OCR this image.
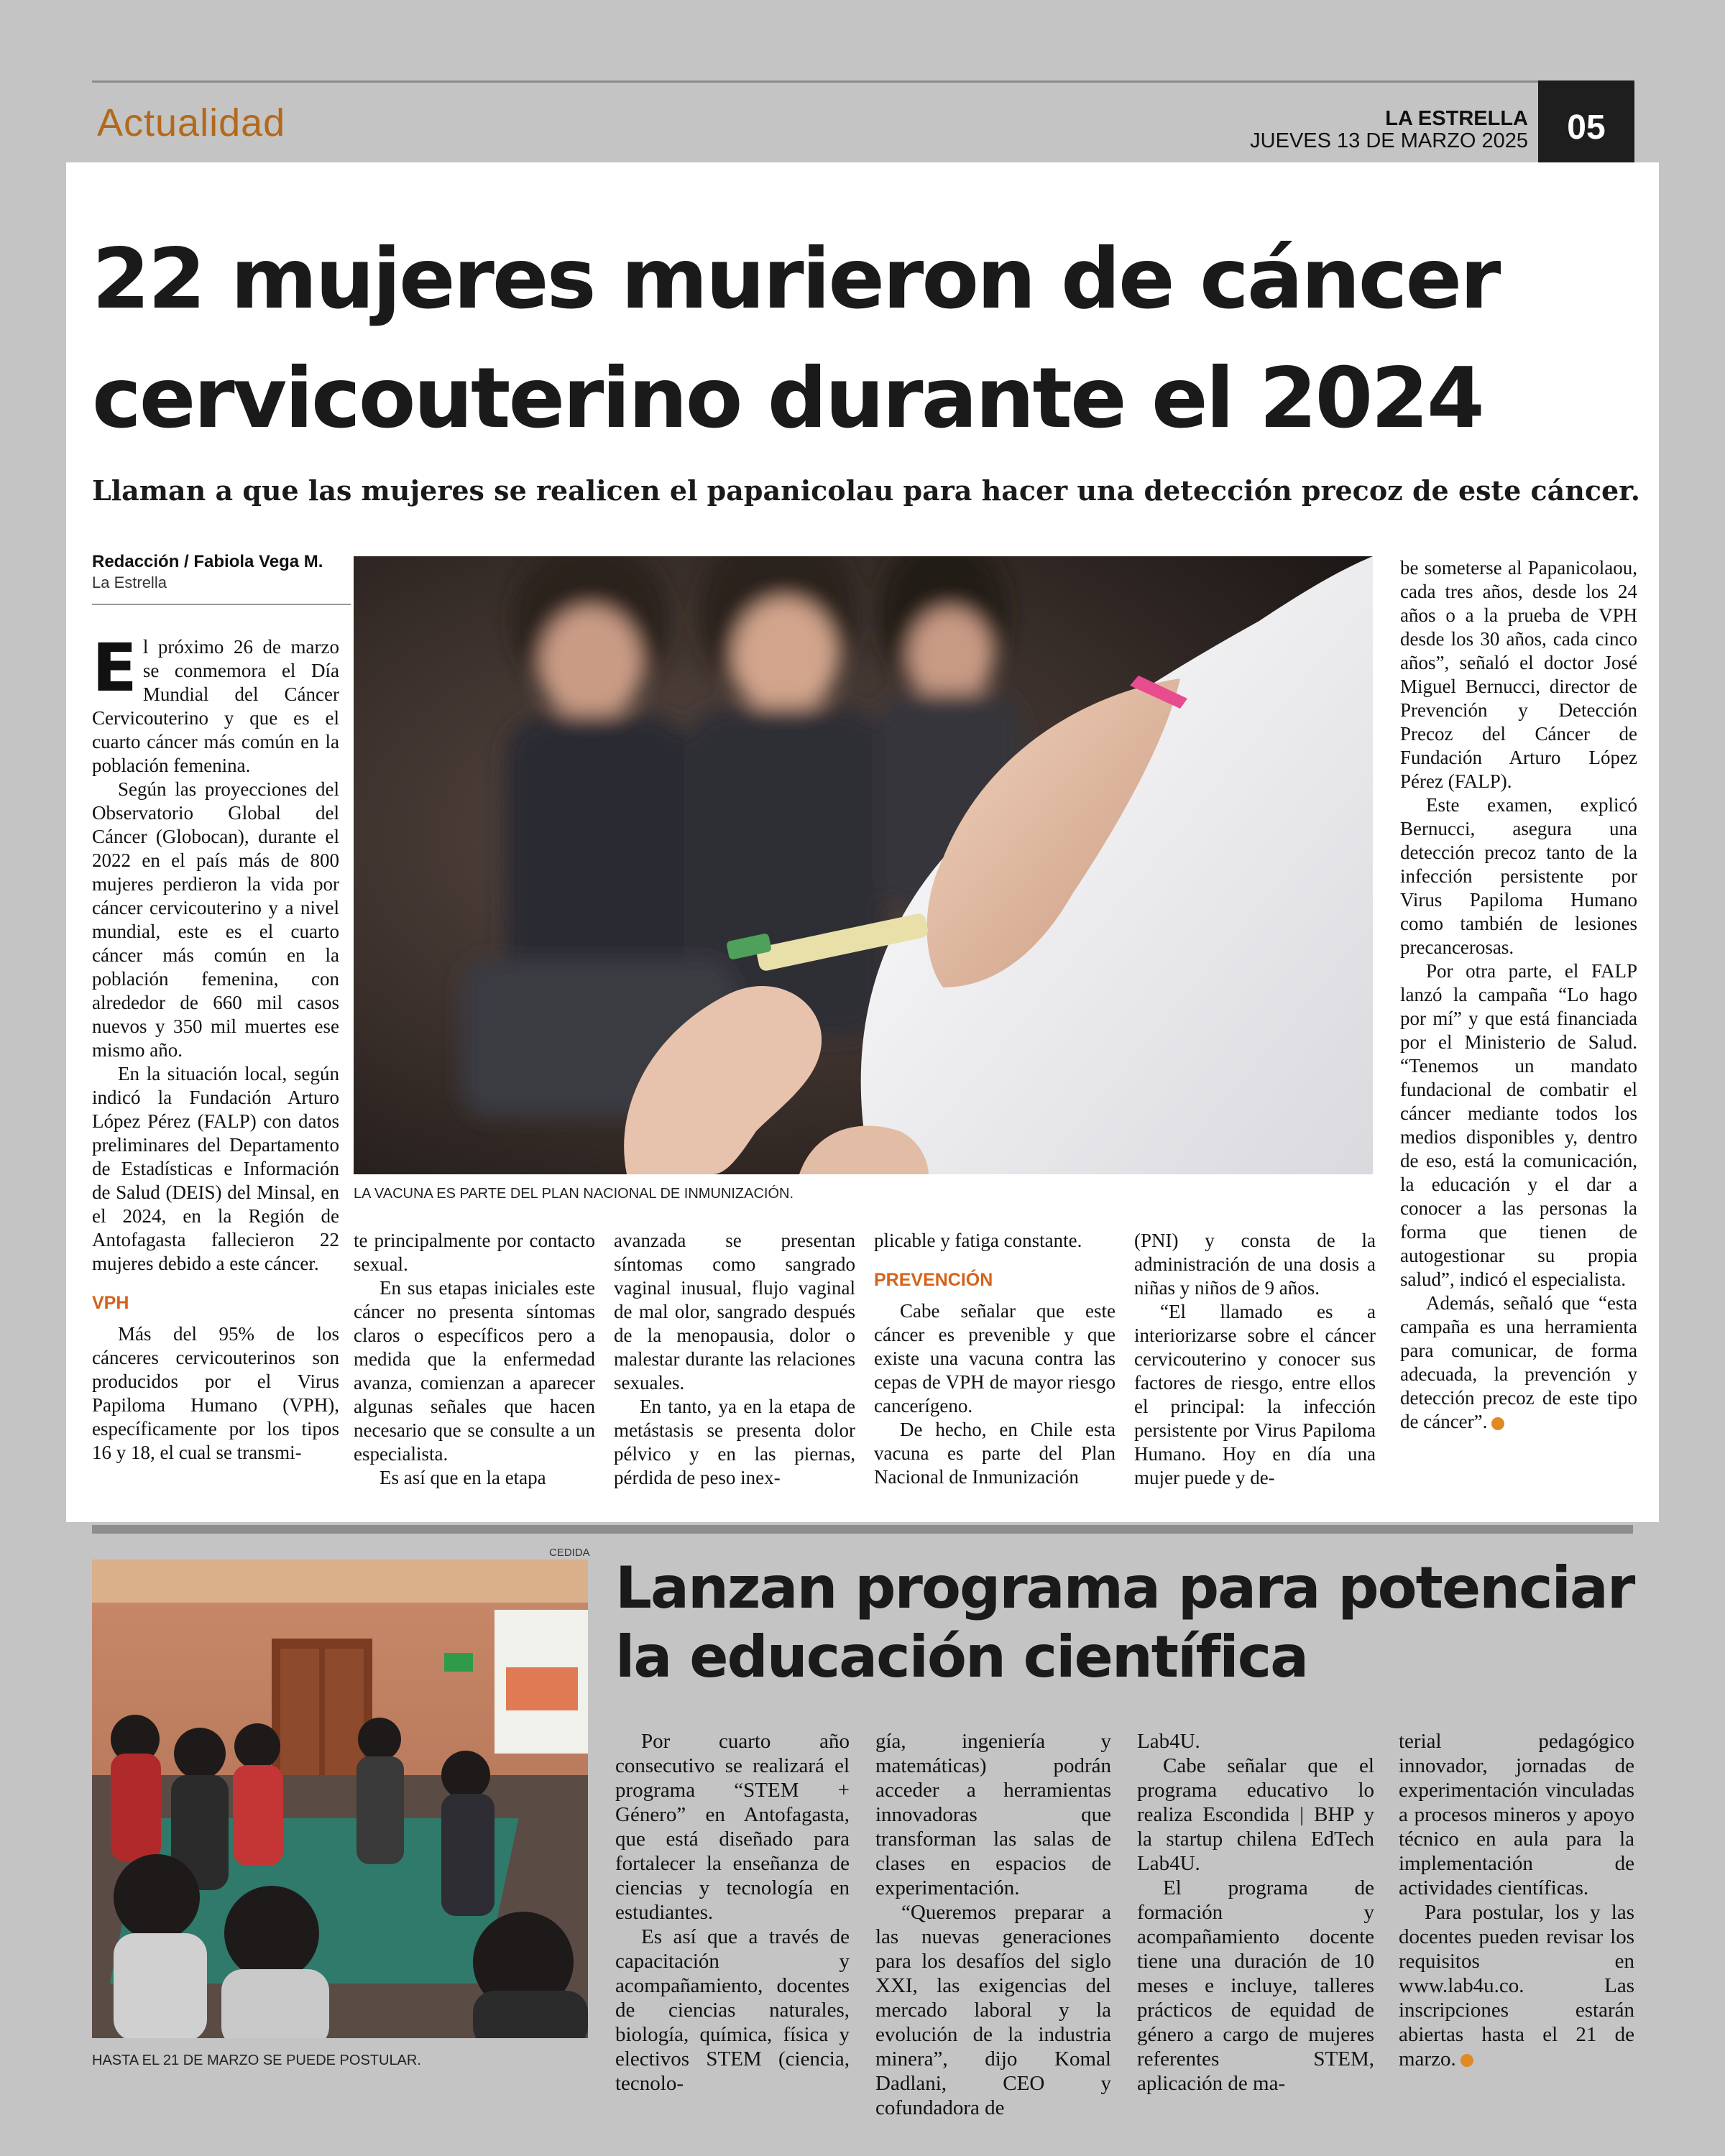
Actualidad	LA ESTRELLA
JUEVES 13 DE MARZO 2025	05
22 mujeres murieron de cáncer
cervicouterino durante el 2024
Llaman a que las mujeres se realicen el papanicolau para hacer una detección precoz de este cáncer.
Redacción / Fabiola Vega M.
La Estrella

El próximo 26 de marzo se conmemora el Día Mundial del Cáncer Cervicouterino y que es el cuarto cáncer más común en la población femenina.

Según las proyecciones del Observatorio Global del Cáncer (Globocan), durante el 2022 en el país más de 800 mujeres perdieron la vida por cáncer cervicouterino y a nivel mundial, este es el cuarto cáncer más común en la población femenina, con alrededor de 660 mil casos nuevos y 350 mil muertes ese mismo año.

En la situación local, según indicó la Fundación Arturo López Pérez (FALP) con datos preliminares del Departamento de Estadísticas e Información de Salud (DEIS) del Minsal, en el 2024, en la Región de Antofagasta fallecieron 22 mujeres debido a este cáncer.

VPH

Más del 95% de los cánceres cervicouterinos son producidos por el Virus Papiloma Humano (VPH), específicamente por los tipos 16 y 18, el cual se transmi-

LA VACUNA ES PARTE DEL PLAN NACIONAL DE INMUNIZACIÓN.

te principalmente por contacto sexual.

En sus etapas iniciales este cáncer no presenta síntomas claros o específicos pero a medida que la enfermedad avanza, comienzan a aparecer algunas señales que hacen necesario que se consulte a un especialista.

Es así que en la etapa

avanzada se presentan síntomas como sangrado vaginal inusual, flujo vaginal de mal olor, sangrado después de la menopausia, dolor o malestar durante las relaciones sexuales.

En tanto, ya en la etapa de metástasis se presenta dolor pélvico y en las piernas, pérdida de peso inex-

plicable y fatiga constante.

PREVENCIÓN

Cabe señalar que este cáncer es prevenible y que existe una vacuna contra las cepas de VPH de mayor riesgo cancerígeno.

De hecho, en Chile esta vacuna es parte del Plan Nacional de Inmunización

(PNI) y consta de la administración de una dosis a niñas y niños de 9 años.

“El llamado es a interiorizarse sobre el cáncer cervicouterino y conocer sus factores de riesgo, entre ellos el principal: la infección persistente por Virus Papiloma Humano. Hoy en día una mujer puede y de-

be someterse al Papanicolaou, cada tres años, desde los 24 años o a la prueba de VPH desde los 30 años, cada cinco años”, señaló el doctor José Miguel Bernucci, director de Prevención y Detección Precoz del Cáncer de Fundación Arturo López Pérez (FALP).

Este examen, explicó Bernucci, asegura una detección precoz tanto de la infección persistente por Virus Papiloma Humano como también de lesiones precancerosas.

Por otra parte, el FALP lanzó la campaña “Lo hago por mí” y que está financiada por el Ministerio de Salud. “Tenemos un mandato fundacional de combatir el cáncer mediante todos los medios disponibles y, dentro de eso, está la comunicación, la educación y el dar a conocer a las personas la forma que tienen de autogestionar su propia salud”, indicó el especialista.

Además, señaló que “esta campaña es una herramienta para comunicar, de forma adecuada, la prevención y detección precoz de este tipo de cáncer”.

CEDIDA
HASTA EL 21 DE MARZO SE PUEDE POSTULAR.
Lanzan programa para potenciar
la educación científica

Por cuarto año consecutivo se realizará el programa “STEM + Género” en Antofagasta, que está diseñado para fortalecer la enseñanza de ciencias y tecnología en estudiantes.

Es así que a través de capacitación y acompañamiento, docentes de ciencias naturales, biología, química, física y electivos STEM (ciencia, tecnolo-

gía, ingeniería y matemáticas) podrán acceder a herramientas innovadoras que transforman las salas de clases en espacios de experimentación.

“Queremos preparar a las nuevas generaciones para los desafíos del siglo XXI, las exigencias del mercado laboral y la evolución de la industria minera”, dijo Komal Dadlani, CEO y cofundadora de

Lab4U.

Cabe señalar que el programa educativo lo realiza Escondida | BHP y la startup chilena EdTech Lab4U.

El programa de formación y acompañamiento docente tiene una duración de 10 meses e incluye, talleres prácticos de equidad de género a cargo de mujeres referentes STEM, aplicación de ma-

terial pedagógico innovador, jornadas de experimentación vinculadas a procesos mineros y apoyo técnico en aula para la implementación de actividades científicas.

Para postular, los y las docentes pueden revisar los requisitos en www.lab4u.co. Las inscripciones estarán abiertas hasta el 21 de marzo.
